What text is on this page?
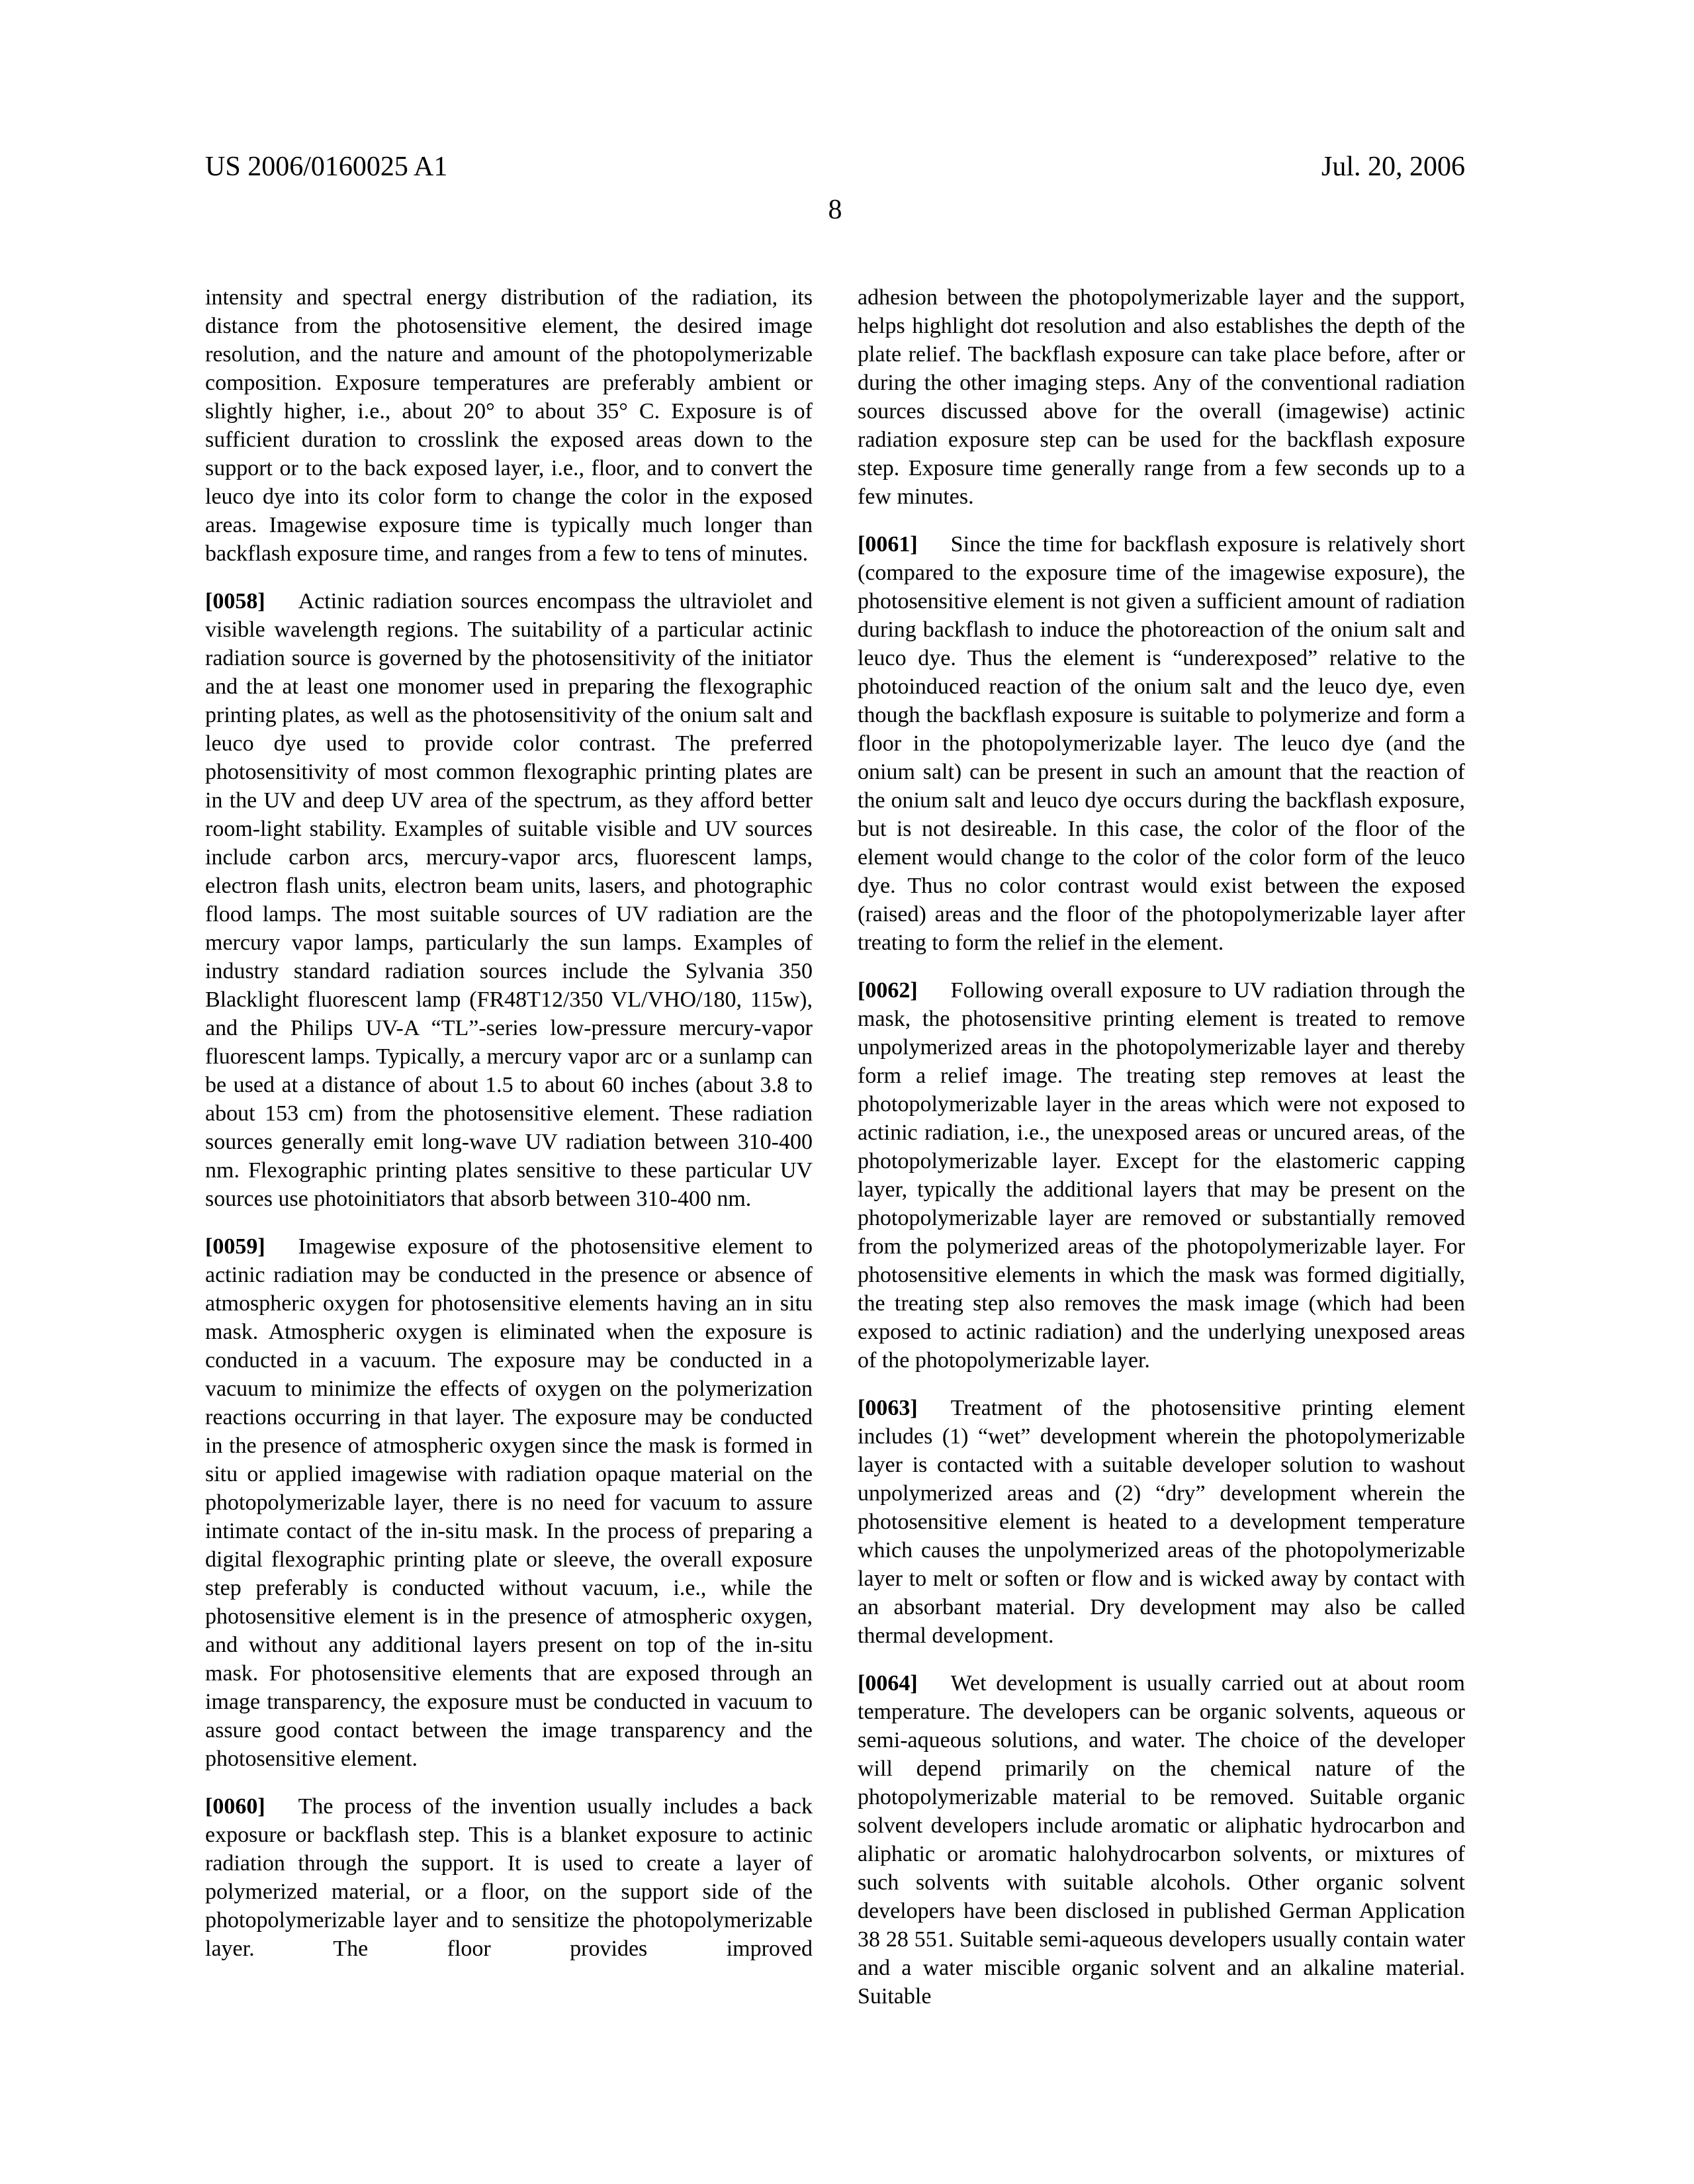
US 2006/0160025 A1	Jul. 20, 2006
8

intensity and spectral energy distribution of the radiation, its distance from the photosensitive element, the desired image resolution, and the nature and amount of the photopolymerizable composition. Exposure temperatures are preferably ambient or slightly higher, i.e., about 20° to about 35° C. Exposure is of sufficient duration to crosslink the exposed areas down to the support or to the back exposed layer, i.e., floor, and to convert the leuco dye into its color form to change the color in the exposed areas. Imagewise exposure time is typically much longer than backflash exposure time, and ranges from a few to tens of minutes.

[0058] Actinic radiation sources encompass the ultraviolet and visible wavelength regions. The suitability of a particular actinic radiation source is governed by the photosensitivity of the initiator and the at least one monomer used in preparing the flexographic printing plates, as well as the photosensitivity of the onium salt and leuco dye used to provide color contrast. The preferred photosensitivity of most common flexographic printing plates are in the UV and deep UV area of the spectrum, as they afford better room-light stability. Examples of suitable visible and UV sources include carbon arcs, mercury-vapor arcs, fluorescent lamps, electron flash units, electron beam units, lasers, and photographic flood lamps. The most suitable sources of UV radiation are the mercury vapor lamps, particularly the sun lamps. Examples of industry standard radiation sources include the Sylvania 350 Blacklight fluorescent lamp (FR48T12/350 VL/VHO/180, 115w), and the Philips UV-A “TL”-series low-pressure mercury-vapor fluorescent lamps. Typically, a mercury vapor arc or a sunlamp can be used at a distance of about 1.5 to about 60 inches (about 3.8 to about 153 cm) from the photosensitive element. These radiation sources generally emit long-wave UV radiation between 310-400 nm. Flexographic printing plates sensitive to these particular UV sources use photoinitiators that absorb between 310-400 nm.

[0059] Imagewise exposure of the photosensitive element to actinic radiation may be conducted in the presence or absence of atmospheric oxygen for photosensitive elements having an in situ mask. Atmospheric oxygen is eliminated when the exposure is conducted in a vacuum. The exposure may be conducted in a vacuum to minimize the effects of oxygen on the polymerization reactions occurring in that layer. The exposure may be conducted in the presence of atmospheric oxygen since the mask is formed in situ or applied imagewise with radiation opaque material on the photopolymerizable layer, there is no need for vacuum to assure intimate contact of the in-situ mask. In the process of preparing a digital flexographic printing plate or sleeve, the overall exposure step preferably is conducted without vacuum, i.e., while the photosensitive element is in the presence of atmospheric oxygen, and without any additional layers present on top of the in-situ mask. For photosensitive elements that are exposed through an image transparency, the exposure must be conducted in vacuum to assure good contact between the image transparency and the photosensitive element.

[0060] The process of the invention usually includes a back exposure or backflash step. This is a blanket exposure to actinic radiation through the support. It is used to create a layer of polymerized material, or a floor, on the support side of the photopolymerizable layer and to sensitize the photopolymerizable layer. The floor provides improved

adhesion between the photopolymerizable layer and the support, helps highlight dot resolution and also establishes the depth of the plate relief. The backflash exposure can take place before, after or during the other imaging steps. Any of the conventional radiation sources discussed above for the overall (imagewise) actinic radiation exposure step can be used for the backflash exposure step. Exposure time generally range from a few seconds up to a few minutes.

[0061] Since the time for backflash exposure is relatively short (compared to the exposure time of the imagewise exposure), the photosensitive element is not given a sufficient amount of radiation during backflash to induce the photoreaction of the onium salt and leuco dye. Thus the element is “underexposed” relative to the photoinduced reaction of the onium salt and the leuco dye, even though the backflash exposure is suitable to polymerize and form a floor in the photopolymerizable layer. The leuco dye (and the onium salt) can be present in such an amount that the reaction of the onium salt and leuco dye occurs during the backflash exposure, but is not desireable. In this case, the color of the floor of the element would change to the color of the color form of the leuco dye. Thus no color contrast would exist between the exposed (raised) areas and the floor of the photopolymerizable layer after treating to form the relief in the element.

[0062] Following overall exposure to UV radiation through the mask, the photosensitive printing element is treated to remove unpolymerized areas in the photopolymerizable layer and thereby form a relief image. The treating step removes at least the photopolymerizable layer in the areas which were not exposed to actinic radiation, i.e., the unexposed areas or uncured areas, of the photopolymerizable layer. Except for the elastomeric capping layer, typically the additional layers that may be present on the photopolymerizable layer are removed or substantially removed from the polymerized areas of the photopolymerizable layer. For photosensitive elements in which the mask was formed digitially, the treating step also removes the mask image (which had been exposed to actinic radiation) and the underlying unexposed areas of the photopolymerizable layer.

[0063] Treatment of the photosensitive printing element includes (1) “wet” development wherein the photopolymerizable layer is contacted with a suitable developer solution to washout unpolymerized areas and (2) “dry” development wherein the photosensitive element is heated to a development temperature which causes the unpolymerized areas of the photopolymerizable layer to melt or soften or flow and is wicked away by contact with an absorbant material. Dry development may also be called thermal development.

[0064] Wet development is usually carried out at about room temperature. The developers can be organic solvents, aqueous or semi-aqueous solutions, and water. The choice of the developer will depend primarily on the chemical nature of the photopolymerizable material to be removed. Suitable organic solvent developers include aromatic or aliphatic hydrocarbon and aliphatic or aromatic halohydrocarbon solvents, or mixtures of such solvents with suitable alcohols. Other organic solvent developers have been disclosed in published German Application 38 28 551. Suitable semi-aqueous developers usually contain water and a water miscible organic solvent and an alkaline material. Suitable
